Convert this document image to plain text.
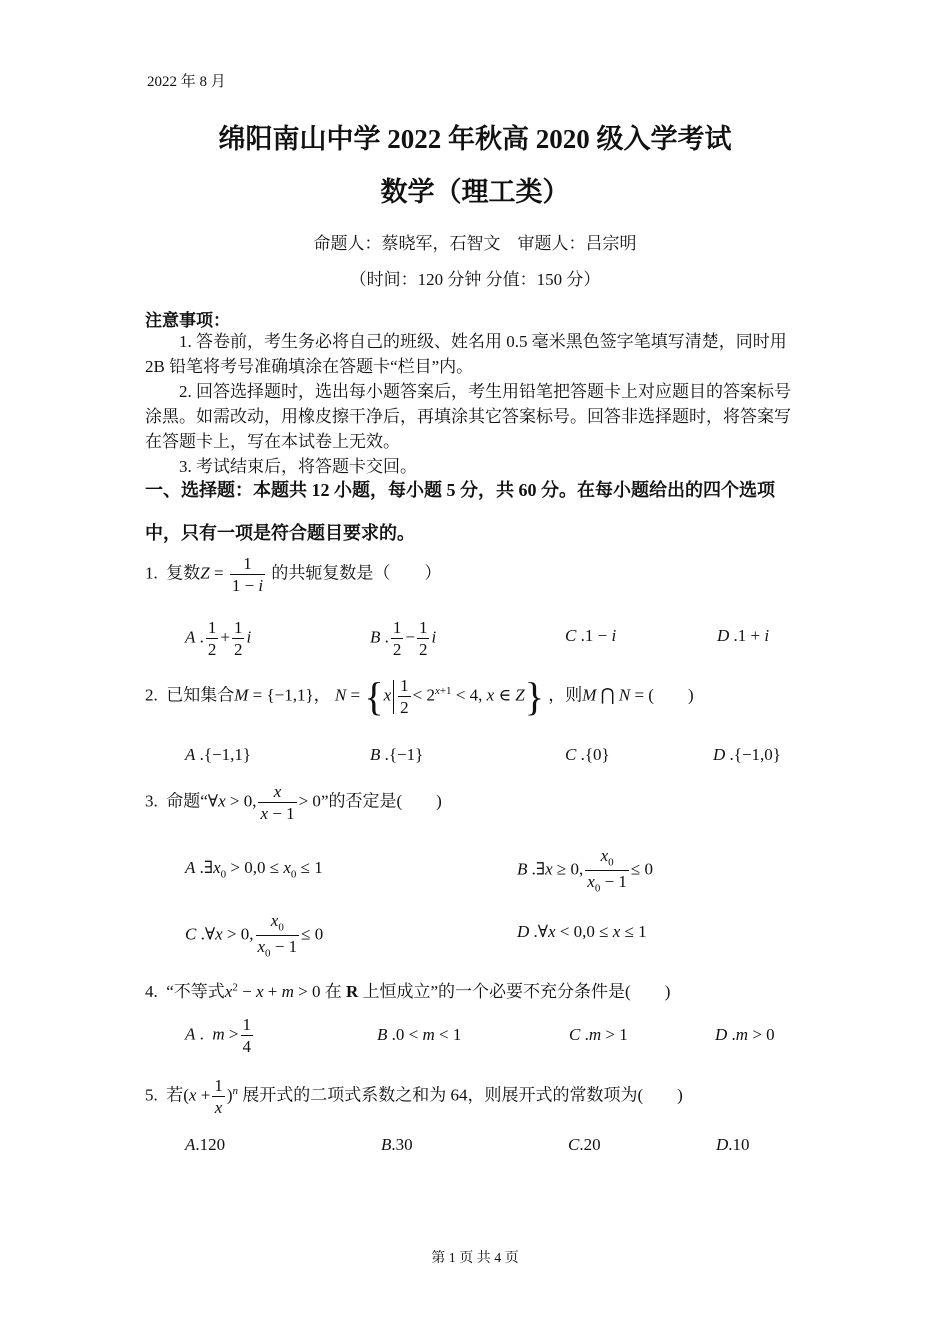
2022 年 8 月
绵阳南山中学 2022 年秋高 2020 级入学考试
数学（理工类）
命题人：蔡晓军，石智文　审题人：吕宗明
（时间：120 分钟 分值：150 分）
注意事项：
1. 答卷前，考生务必将自己的班级、姓名用 0.5 毫米黑色签字笔填写清楚，同时用 2B 铅笔将考号准确填涂在答题卡“栏目”内。
2. 回答选择题时，选出每小题答案后，考生用铅笔把答题卡上对应题目的答案标号涂黑。如需改动，用橡皮擦干净后，再填涂其它答案标号。回答非选择题时，将答案写在答题卡上，写在本试卷上无效。
3. 考试结束后，将答题卡交回。
一、选择题：本题共 12 小题，每小题 5 分，共 60 分。在每小题给出的四个选项中，只有一项是符合题目要求的。
1. 复数$Z = \frac{1}{1 - i}$ 的共轭复数是（　　）
A . $\frac{1}{2} + \frac{1}{2}$ i	B . $\frac{1}{2} - \frac{1}{2}$ i	C .1 − i	D .1 + i
2. 已知集合M = {−1,1}， $N = \{x \frac{1}{2} < 2^{x+1} < 4$, x ∈ Z} ，则M ⋂ N = (　　)
A .{−1,1}	B .{−1}	C .{0}	D .{−1,0}
3. 命题“∀x > 0, $\frac{x}{x - 1} > 0$”的否定是(　　)
A $.\exists x_0 > 0,0 \le x_0 \le 1$	B .∃x ≥ 0, $\frac{x_0}{x_0 - 1} \le 0$
C .∀x > 0, $\frac{x_0}{x_0 - 1} \le 0$	D .∀x < 0,0 ≤ x ≤ 1
4. “不等式$x^2 - x + m > 0$ 在 R 上恒成立”的一个必要不充分条件是(　　)
A .  $m > \frac{1}{4}$	B .0 < m < 1	C .m > 1	D .m > 0
5. 若$(x + \frac{1}{x} )^n$ 展开式的二项式系数之和为 64，则展开式的常数项为(　　)
A.120	B.30	C.20	D.10
第 1 页 共 4 页
